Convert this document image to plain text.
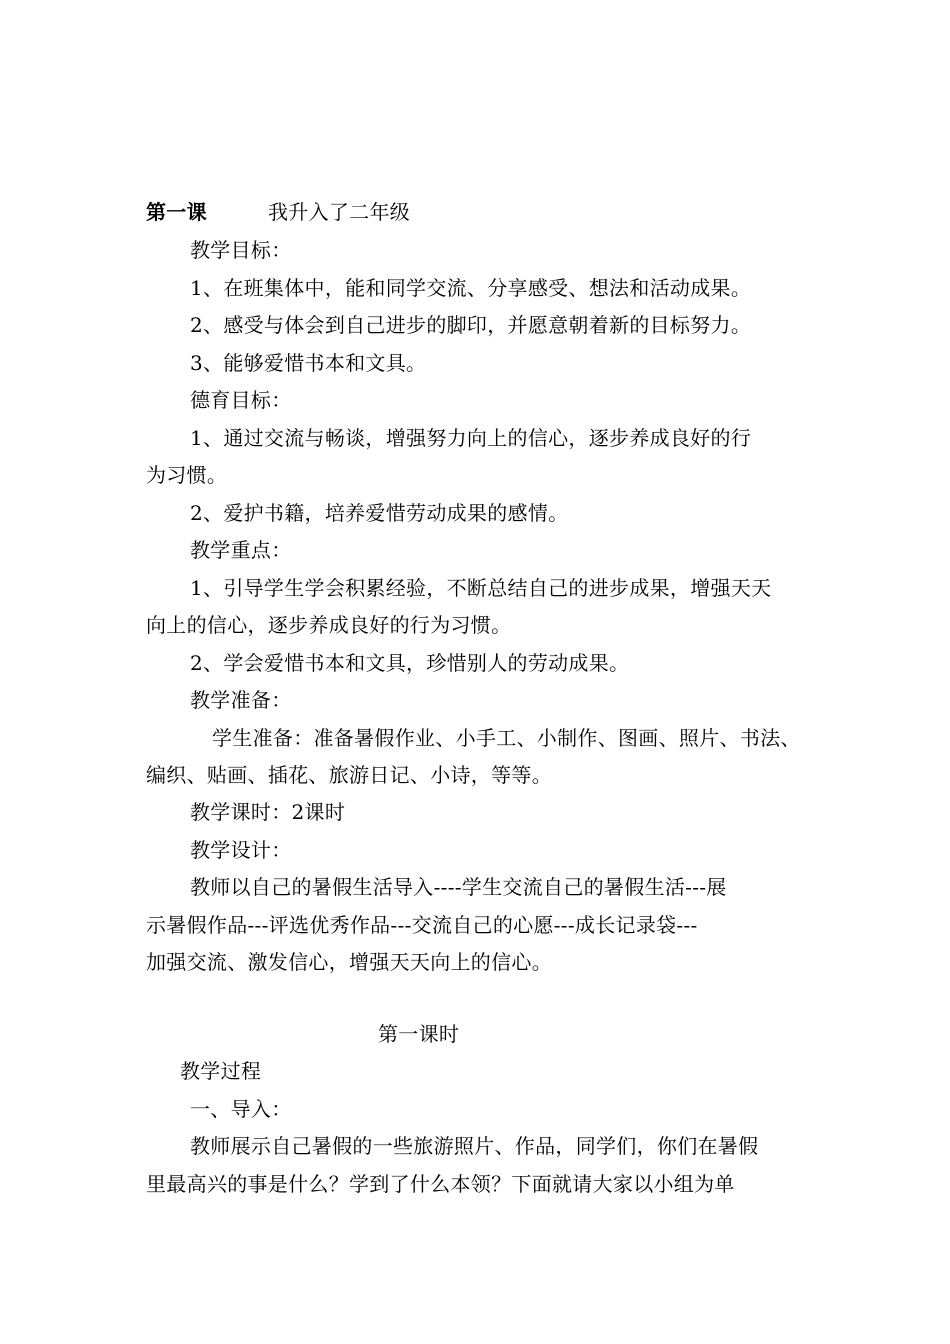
第一课	我升入了二年级
教学目标：
1、在班集体中，能和同学交流、分享感受、想法和活动成果。
2、感受与体会到自己进步的脚印，并愿意朝着新的目标努力。
3、能够爱惜书本和文具。
德育目标：
1、通过交流与畅谈，增强努力向上的信心，逐步养成良好的行
为习惯。
2、爱护书籍，培养爱惜劳动成果的感情。
教学重点：
1、引导学生学会积累经验，不断总结自己的进步成果，增强天天
向上的信心，逐步养成良好的行为习惯。
2、学会爱惜书本和文具，珍惜别人的劳动成果。
教学准备：
学生准备：准备暑假作业、小手工、小制作、图画、照片、书法、
编织、贴画、插花、旅游日记、小诗，等等。
教学课时：2课时
教学设计：
教师以自己的暑假生活导入----学生交流自己的暑假生活---展
示暑假作品---评选优秀作品---交流自己的心愿---成长记录袋---
加强交流、激发信心，增强天天向上的信心。
第一课时
教学过程
一、导入：
教师展示自己暑假的一些旅游照片、作品，同学们，你们在暑假
里最高兴的事是什么？学到了什么本领？下面就请大家以小组为单
